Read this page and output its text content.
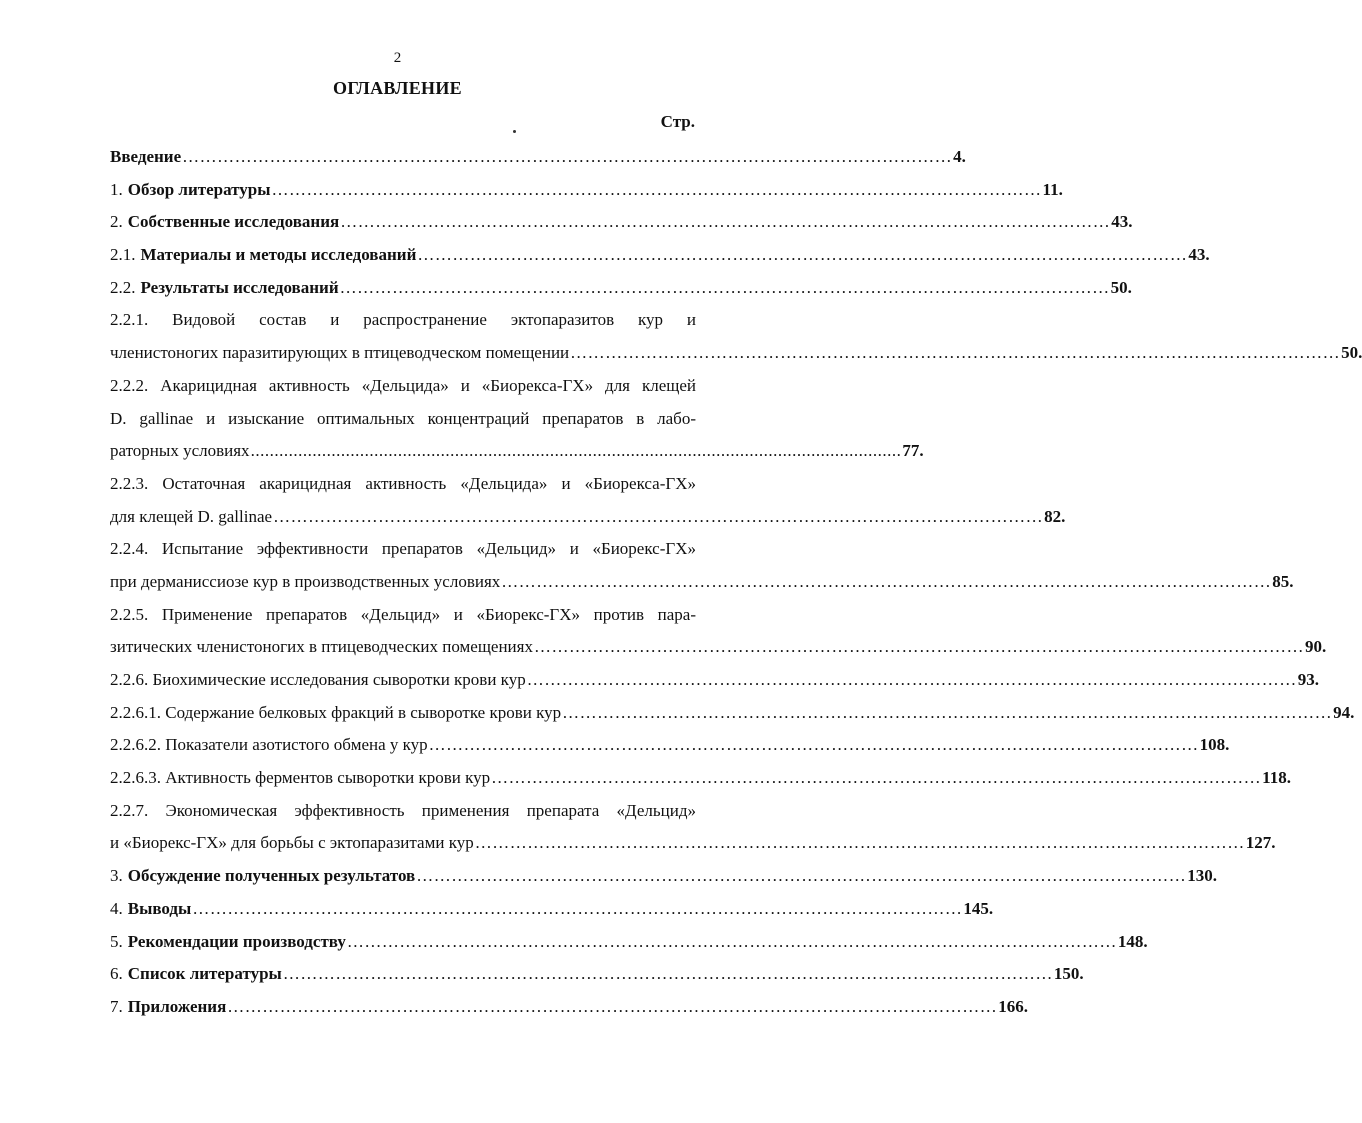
2
ОГЛАВЛЕНИЕ
Стр.
Введение …………………………………………………………………………………………………………………… 4.
1. Обзор литературы …………………………………………………………………………………………………………………… 11.
2. Собственные исследования …………………………………………………………………………………………………………………… 43.
2.1. Материалы и методы исследований …………………………………………………………………………………………………………………… 43.
2.2. Результаты исследований …………………………………………………………………………………………………………………… 50.
2.2.1. Видовой состав и распространение эктопаразитов кур и
членистоногих паразитирующих в птицеводческом помещении …………………………………………………………………………………………………………………… 50.
2.2.2. Акарицидная активность «Дельцида» и «Биорекса-ГХ» для клещей
D. gallinae и изыскание оптимальных концентраций препаратов в лабо-
раторных условиях ......................................................................................................................................... 77.
2.2.3. Остаточная акарицидная активность «Дельцида» и «Биорекса-ГХ»
для клещей D. gallinae …………………………………………………………………………………………………………………… 82.
2.2.4. Испытание эффективности препаратов «Дельцид» и «Биорекс-ГХ»
при дерманиссиозе кур в производственных условиях …………………………………………………………………………………………………………………… 85.
2.2.5. Применение препаратов «Дельцид» и «Биорекс-ГХ» против пара-
зитических членистоногих в птицеводческих помещениях …………………………………………………………………………………………………………………… 90.
2.2.6. Биохимические исследования сыворотки крови кур …………………………………………………………………………………………………………………… 93.
2.2.6.1. Содержание белковых фракций в сыворотке крови кур …………………………………………………………………………………………………………………… 94.
2.2.6.2. Показатели азотистого обмена у кур …………………………………………………………………………………………………………………… 108.
2.2.6.3. Активность ферментов сыворотки крови кур …………………………………………………………………………………………………………………… 118.
2.2.7. Экономическая эффективность применения препарата «Дельцид»
и «Биорекс-ГХ» для борьбы с эктопаразитами кур …………………………………………………………………………………………………………………… 127.
3. Обсуждение полученных результатов …………………………………………………………………………………………………………………… 130.
4. Выводы …………………………………………………………………………………………………………………… 145.
5. Рекомендации производству …………………………………………………………………………………………………………………… 148.
6. Список литературы …………………………………………………………………………………………………………………… 150.
7. Приложения …………………………………………………………………………………………………………………… 166.
